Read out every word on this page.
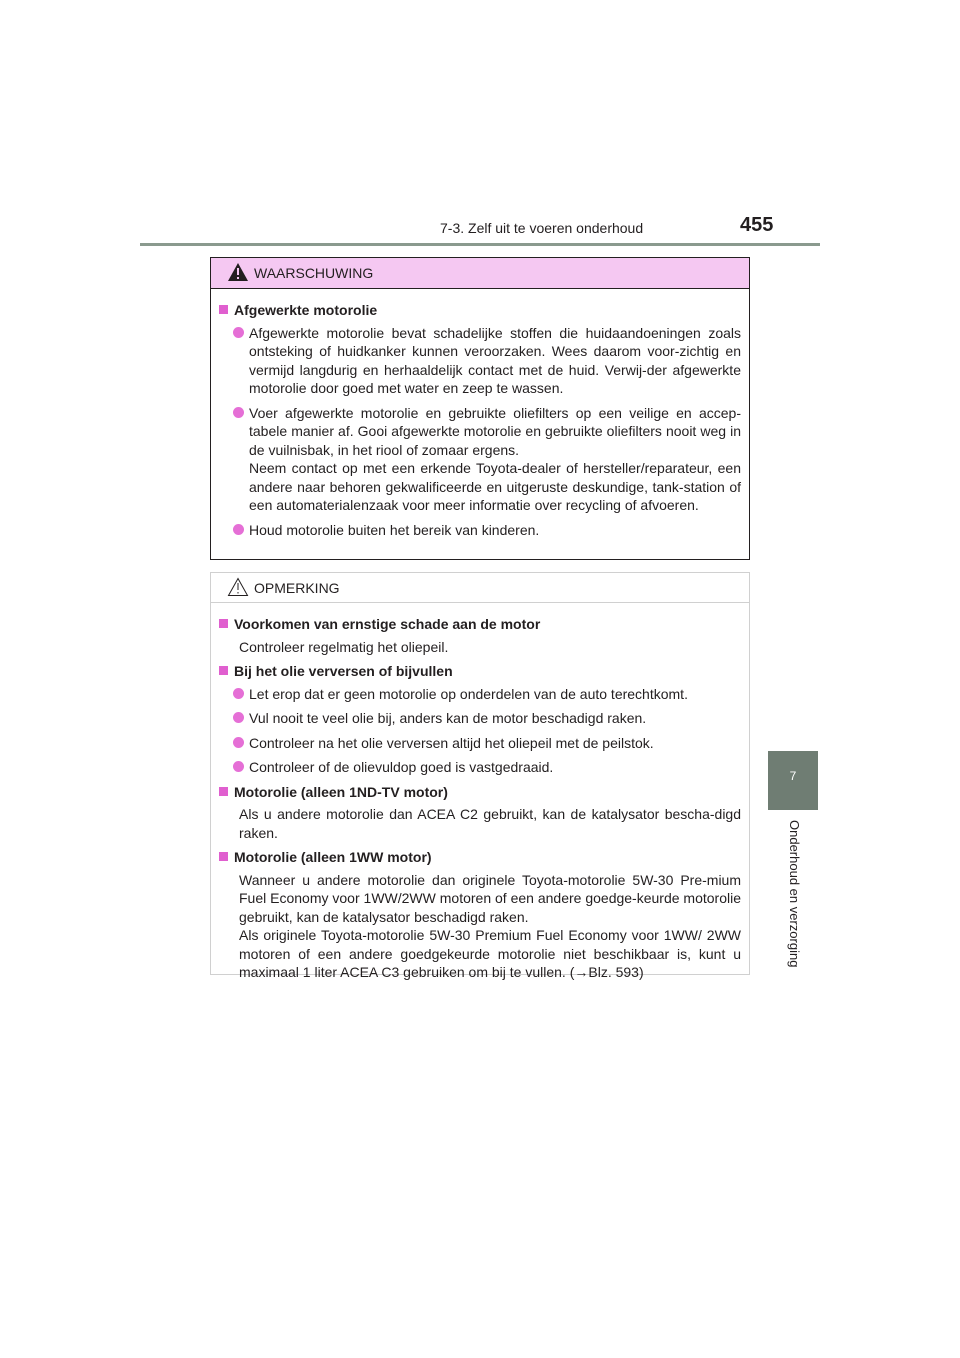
7-3. Zelf uit te voeren onderhoud	455
7
Onderhoud en verzorging
WAARSCHUWING
Afgewerkte motorolie

Afgewerkte motorolie bevat schadelijke stoffen die huidaandoeningen zoals ontsteking of huidkanker kunnen veroorzaken. Wees daarom voor-zichtig en vermijd langdurig en herhaaldelijk contact met de huid. Verwij-der afgewerkte motorolie door goed met water en zeep te wassen.

Voer afgewerkte motorolie en gebruikte oliefilters op een veilige en accep-tabele manier af. Gooi afgewerkte motorolie en gebruikte oliefilters nooit weg in de vuilnisbak, in het riool of zomaar ergens.

Neem contact op met een erkende Toyota-dealer of hersteller/reparateur, een andere naar behoren gekwalificeerde en uitgeruste deskundige, tank-station of een automaterialenzaak voor meer informatie over recycling of afvoeren.

Houd motorolie buiten het bereik van kinderen.

OPMERKING
Voorkomen van ernstige schade aan de motor

Controleer regelmatig het oliepeil.

Bij het olie verversen of bijvullen

Let erop dat er geen motorolie op onderdelen van de auto terechtkomt.

Vul nooit te veel olie bij, anders kan de motor beschadigd raken.

Controleer na het olie verversen altijd het oliepeil met de peilstok.

Controleer of de olievuldop goed is vastgedraaid.

Motorolie (alleen 1ND-TV motor)

Als u andere motorolie dan ACEA C2 gebruikt, kan de katalysator bescha-digd raken.

Motorolie (alleen 1WW motor)

Wanneer u andere motorolie dan originele Toyota-motorolie 5W-30 Pre-mium Fuel Economy voor 1WW/2WW motoren of een andere goedge-keurde motorolie gebruikt, kan de katalysator beschadigd raken.

Als originele Toyota-motorolie 5W-30 Premium Fuel Economy voor 1WW/ 2WW motoren of een andere goedgekeurde motorolie niet beschikbaar is, kunt u maximaal 1 liter ACEA C3 gebruiken om bij te vullen. (→Blz. 593)
